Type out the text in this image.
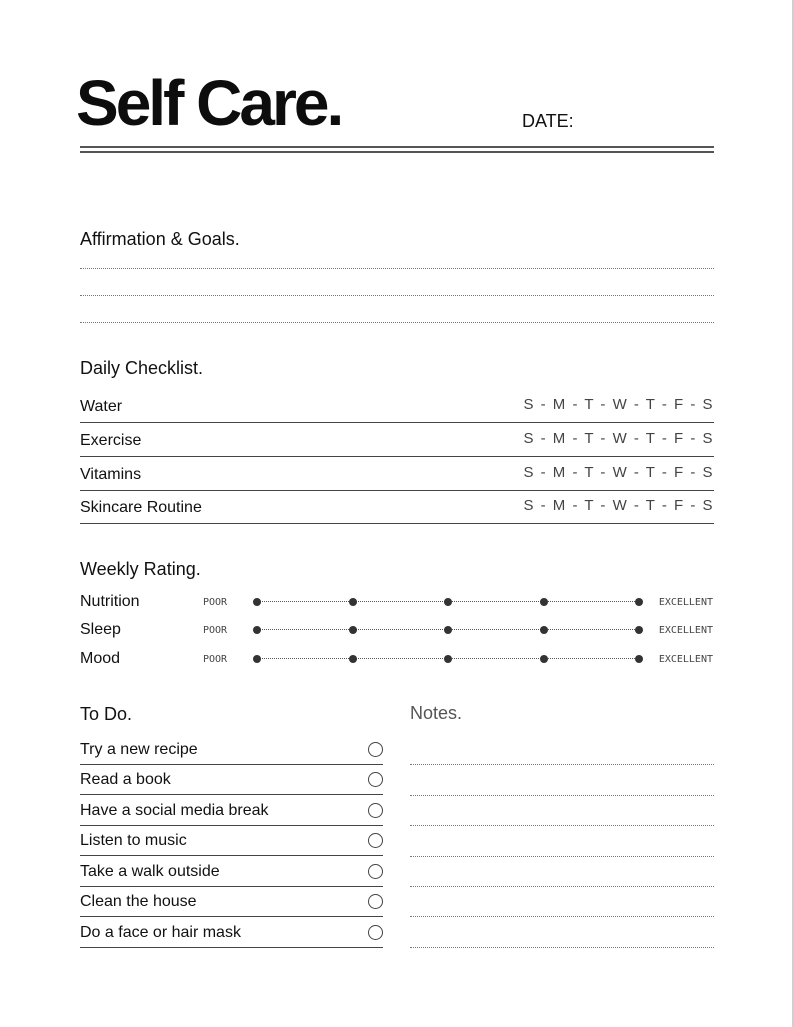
Self Care.	DATE:
Affirmation & Goals.
Daily Checklist.
Water	S - M - T - W - T - F - S
Exercise	S - M - T - W - T - F - S
Vitamins	S - M - T - W - T - F - S
Skincare Routine	S - M - T - W - T - F - S
Weekly Rating.
Nutrition	POOR	EXCELLENT
Sleep	POOR	EXCELLENT
Mood	POOR	EXCELLENT
To Do.
Try a new recipe
Read a book
Have a social media break
Listen to music
Take a walk outside
Clean the house
Do a face or hair mask
Notes.
